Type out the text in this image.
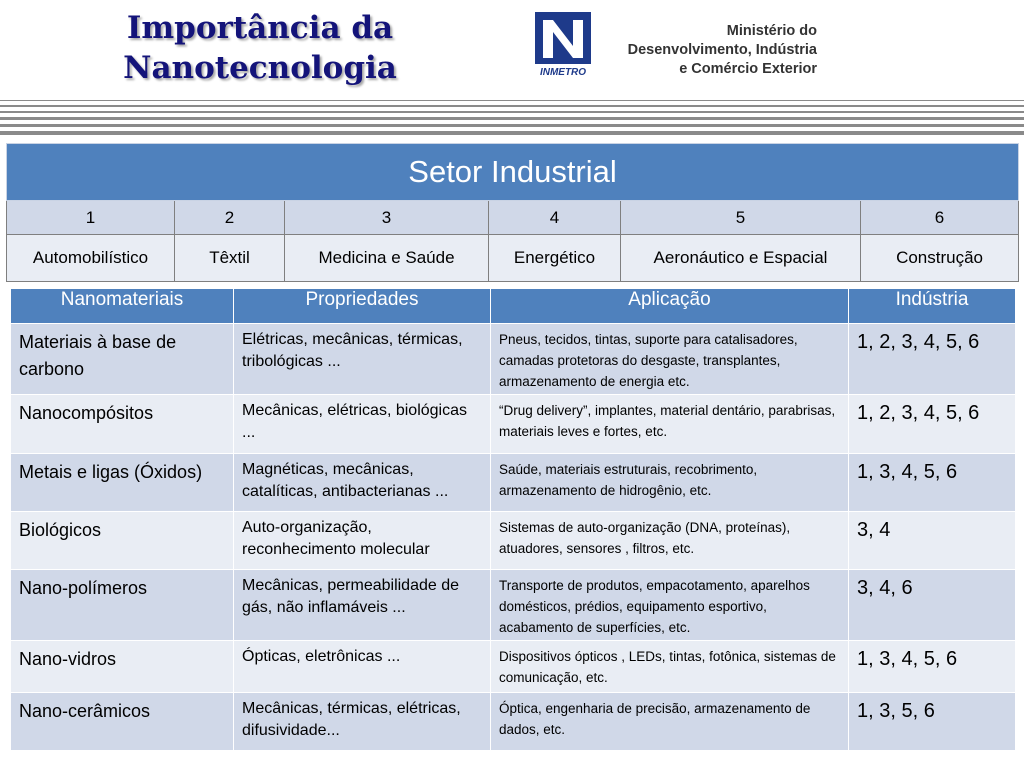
Importância da
Nanotecnologia	INMETRO
Ministério do
Desenvolvimento, Indústria
e Comércio Exterior
Setor Industrial					
1	2	3	4	5	6
Automobilístico	Têxtil	Medicina e Saúde	Energético	Aeronáutico e Espacial	Construção
Nanomateriais	Propriedades	Aplicação	Indústria
Materiais à base de carbono	Elétricas, mecânicas, térmicas, tribológicas ...	Pneus, tecidos, tintas, suporte para catalisadores, camadas protetoras do desgaste, transplantes, armazenamento de energia etc.	1, 2, 3, 4, 5, 6
Nanocompósitos	Mecânicas, elétricas, biológicas ...	“Drug delivery”, implantes, material dentário, parabrisas, materiais leves e fortes, etc.	1, 2, 3, 4, 5, 6
Metais e ligas (Óxidos)	Magnéticas, mecânicas, catalíticas, antibacterianas ...	Saúde, materiais estruturais, recobrimento, armazenamento de hidrogênio, etc.	1, 3, 4, 5, 6
Biológicos	Auto-organização, reconhecimento molecular	Sistemas de auto-organização (DNA, proteínas), atuadores, sensores , filtros, etc.	3, 4
Nano-polímeros	Mecânicas, permeabilidade de gás, não inflamáveis ...	Transporte de produtos, empacotamento, aparelhos domésticos, prédios, equipamento esportivo, acabamento de superfícies, etc.	3, 4, 6
Nano-vidros	Ópticas, eletrônicas ...	Dispositivos ópticos , LEDs, tintas, fotônica, sistemas de comunicação, etc.	1, 3, 4, 5, 6
Nano-cerâmicos	Mecânicas, térmicas, elétricas, difusividade...	Óptica, engenharia de precisão, armazenamento de dados, etc.	1, 3, 5, 6
